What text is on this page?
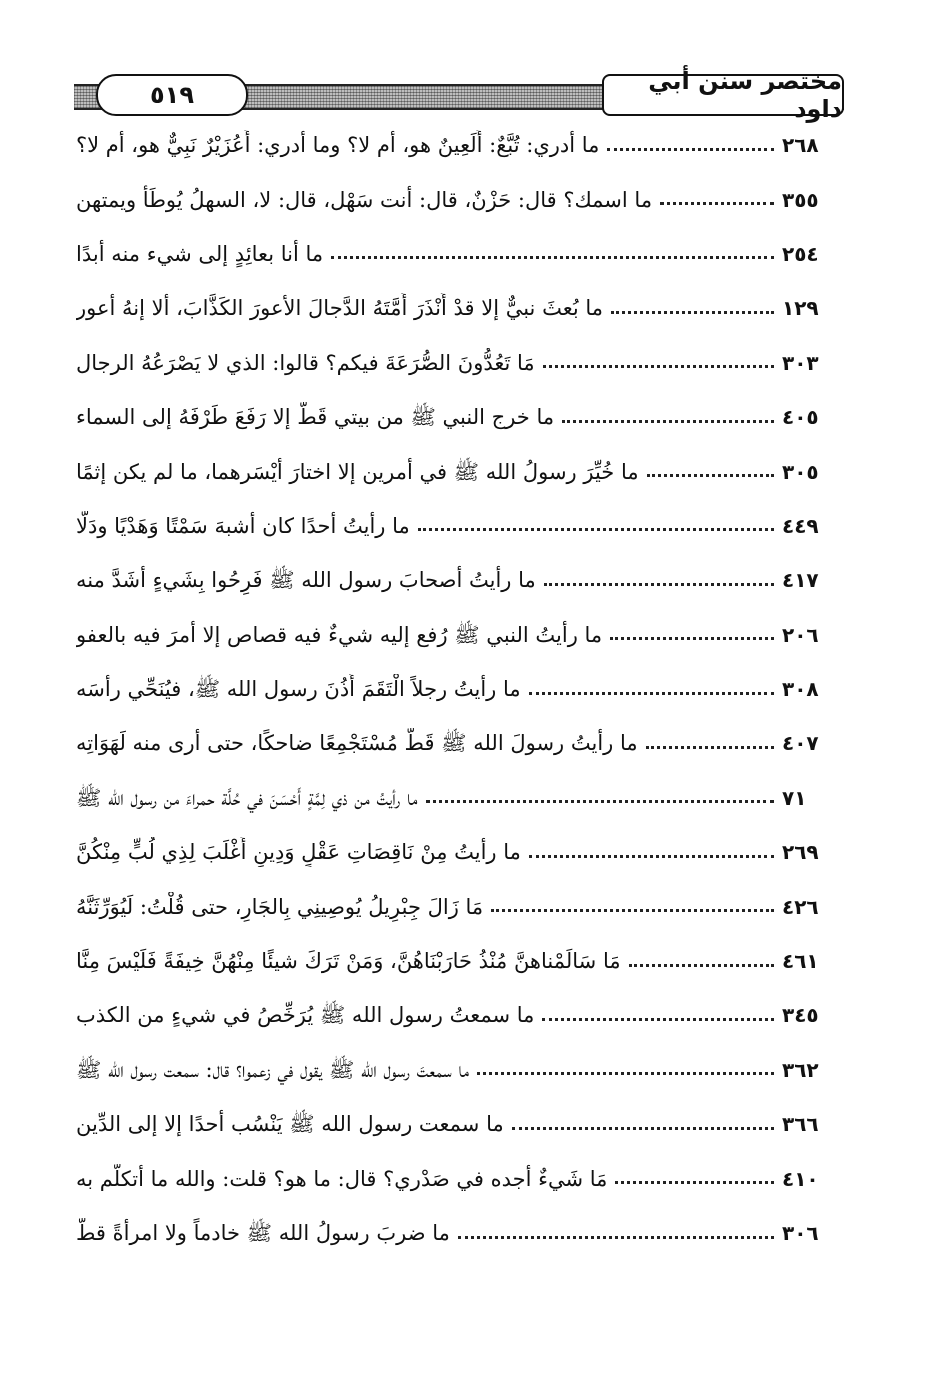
٥١٩	مختصر سنن أبي داود
ما أدري: تُبَّعٌ: أَلَعِينٌ هو، أم لا؟ وما أدري: أَعُزَيْرٌ نَبِيٌّ هو، أم لا؟	٢٦٨
ما اسمك؟ قال: حَزْنٌ، قال: أنت سَهْل، قال: لا، السهلُ يُوطَأ ويمتهن	٣٥٥
ما أنا بعائِدٍ إلى شيء منه أبدًا	٢٥٤
ما بُعثَ نبيٌّ إلا قدْ أَنْذَرَ أُمَّتَهُ الدَّجالَ الأعورَ الكَذَّابَ، ألا إنهُ أعور	١٢٩
مَا تَعُدُّونَ الصُّرَعَةَ فيكم؟ قالوا: الذي لا يَصْرَعُهُ الرجال	٣٠٣
ما خرج النبي ﷺ من بيتي قَطُّ إلا رَفَعَ طَرْفَهُ إلى السماء	٤٠٥
ما خُيِّرَ رسولُ الله ﷺ في أمرين إلا اختارَ أيْسَرهما، ما لم يكن إثمًا	٣٠٥
ما رأيتُ أحدًا كان أشبهَ سَمْتًا وَهَدْيًا ودَلًّا	٤٤٩
ما رأيتُ أصحابَ رسول الله ﷺ فَرِحُوا بِشَيءٍ أشَدَّ منه	٤١٧
ما رأيتُ النبي ﷺ رُفع إليه شيءٌ فيه قصاص إلا أمرَ فيه بالعفو	٢٠٦
ما رأيتُ رجلاً الْتَقَمَ أُذُنَ رسول الله ﷺ، فيُنَحِّي رأسَه	٣٠٨
ما رأيتُ رسولَ الله ﷺ قَطُّ مُسْتَجْمِعًا ضاحكًا، حتى أرى منه لَهَوَاتِه	٤٠٧
ما رأيتُ من ذي لِمَّةٍ أَحْسَنَ في حُلَّة حمراءَ من رسول الله ﷺ	٧١
ما رأيتُ مِنْ نَاقِصَاتِ عَقْلٍ وَدِينٍ أَغْلَبَ لِذِي لُبٍّ مِنْكُنَّ	٢٦٩
مَا زَالَ جِبْرِيلُ يُوصِينِي بِالجَارِ، حتى قُلْتُ: لَيُوَرِّثَنَّهُ	٤٢٦
مَا سَالَمْناهنَّ مُنْذُ حَارَبْنَاهُنَّ، وَمَنْ تَرَكَ شيئًا مِنْهُنَّ خِيفَةً فَلَيْسَ مِنَّا	٤٦١
ما سمعتُ رسول الله ﷺ يُرَخِّصُ في شيءٍ من الكذب	٣٤٥
ما سمعتَ رسول الله ﷺ يقول في زعموا؟ قال: سمعت رسول الله ﷺ	٣٦٢
ما سمعت رسول الله ﷺ يَنْسُب أحدًا إلا إلى الدِّين	٣٦٦
مَا شَيءٌ أجده في صَدْري؟ قال: ما هو؟ قلت: والله ما أتكلَّم به	٤١٠
ما ضربَ رسولُ الله ﷺ خادماً ولا امرأةً قطُّ	٣٠٦
